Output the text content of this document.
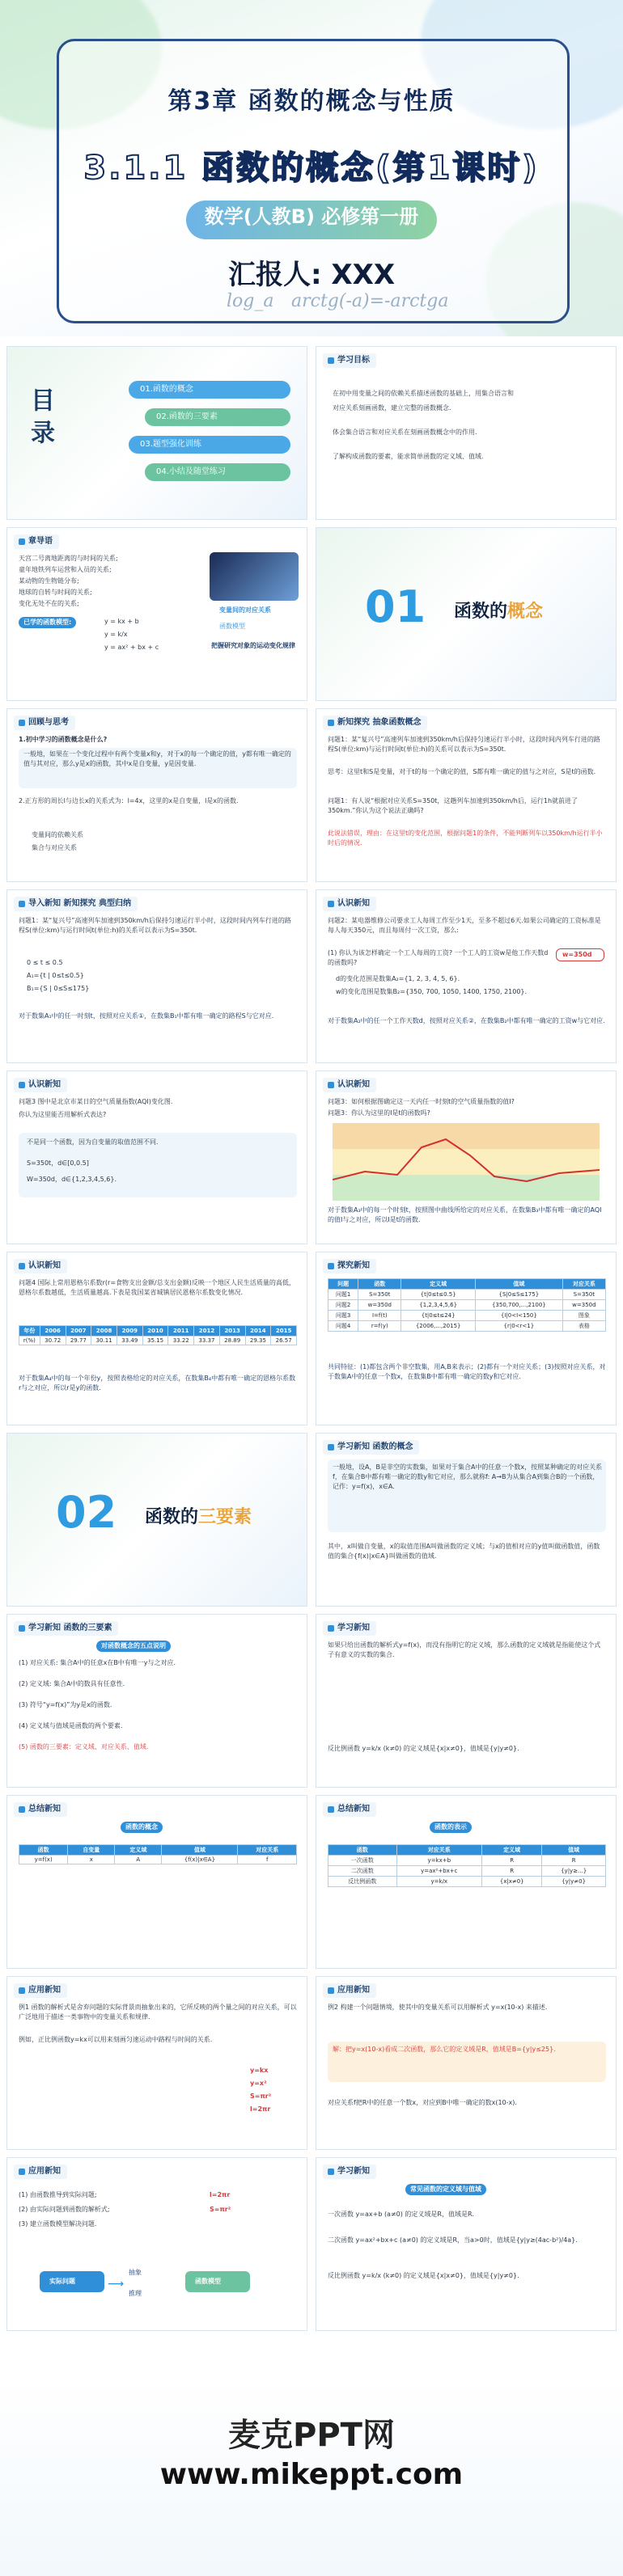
第3章 函数的概念与性质
3.1.1 函数的概念(第1课时)
数学(人教B) 必修第一册
汇报人: XXX
log_a arctg(-a)=-arctga
目录	01.函数的概念
02.函数的三要素
03.题型强化训练
04.小结及随堂练习
学习目标
在初中用变量之间的依赖关系描述函数的基础上，用集合语言和
对应关系刻画函数，建立完整的函数概念.
体会集合语言和对应关系在刻画函数概念中的作用.
了解构成函数的要素，能求简单函数的定义域、值域.
章导语
天宫二号离地距离的与时间的关系;
童年地铁列车运营和入员的关系;
某动物的生物链分布;
地球的自转与时间的关系;
变化无处不在的关系;
变量间的对应关系
函数模型
把握研究对象的运动变化规律
已学的函数模型:	y = kx + b
y = k/x
y = ax² + bx + c
01 函数的概念
回顾与思考
1.初中学习的函数概念是什么?
一般地，如果在一个变化过程中有两个变量x和y，对于x的每一个确定的值，y都有唯一确定的值与其对应，那么y是x的函数，其中x是自变量，y是因变量.
2.正方形的周长l与边长x的关系式为：l=4x，这里的x是自变量，l是x的函数.
变量间的依赖关系
集合与对应关系
新知探究 抽象函数概念
问题1：某“复兴号”高速列车加速到350km/h后保持匀速运行半小时，这段时间内列车行进的路程S(单位:km)与运行时间t(单位:h)的关系可以表示为S=350t.
思考：这里t和S是变量，对于t的每一个确定的值，S都有唯一确定的值与之对应，S是t的函数.
问题1：有人说“根据对应关系S=350t，这趟列车加速到350km/h后，运行1h就前进了350km.”你认为这个说法正确吗?
此说法错误，理由：在这里t的变化范围，根据问题1的条件，不能判断列车以350km/h运行半小时后的情况.
导入新知 新知探究 典型归纳
问题1：某“复兴号”高速列车加速到350km/h后保持匀速运行半小时，这段时间内列车行进的路程S(单位:km)与运行时间t(单位:h)的关系可以表示为S=350t.
0 ≤ t ≤ 0.5
A₁={t | 0≤t≤0.5}
B₁={S | 0≤S≤175}
对于数集A₁中的任一时刻t，按照对应关系①，在数集B₁中都有唯一确定的路程S与它对应.
认识新知
问题2：某电器维修公司要求工人每周工作至少1天，至多不超过6天.如果公司确定的工资标准是每人每天350元，而且每周付一次工资，那么:
(1) 你认为该怎样确定一个工人每周的工资? 一个工人的工资w是他工作天数d的函数吗?
w=350d
d的变化范围是数集A₂={1, 2, 3, 4, 5, 6}.
w的变化范围是数集B₂={350, 700, 1050, 1400, 1750, 2100}.
对于数集A₂中的任一个工作天数d，按照对应关系②，在数集B₂中都有唯一确定的工资w与它对应.
认识新知
问题3 图中是北京市某日的空气质量指数(AQI)变化图.
你认为这里能否用解析式表达?
不是同一个函数，因为自变量的取值范围不同.
S=350t，d∈[0,0.5]
W=350d，d∈{1,2,3,4,5,6}.
认识新知
问题3：如何根据图确定这一天内任一时刻t的空气质量指数的值I?
问题3：你认为这里的I是t的函数吗?
对于数集A₃中的每一个时刻t，按照图中曲线所给定的对应关系，在数集B₃中都有唯一确定的AQI的值I与之对应，所以I是t的函数.
认识新知
问题4 国际上常用恩格尔系数r(r=食物支出金额/总支出金额)反映一个地区人民生活质量的高低，恩格尔系数越低，生活质量越高.下表是我国某省城镇居民恩格尔系数变化情况.
年份	2006	2007	2008	2009	2010	2011	2012	2013	2014	2015
r(%)	30.72	29.77	30.11	33.49	35.15	33.22	33.37	28.89	29.35	26.57
对于数集A₄中的每一个年份y，按照表格给定的对应关系，在数集B₄中都有唯一确定的恩格尔系数r与之对应，所以r是y的函数.
探究新知
问题	函数	定义域	值域	对应关系
问题1	S=350t	{t|0≤t≤0.5}	{S|0≤S≤175}	S=350t
问题2	w=350d	{1,2,3,4,5,6}	{350,700,...,2100}	w=350d
问题3	I=f(t)	{t|0≤t≤24}	{I|0<I<150}	图象
问题4	r=f(y)	{2006,...,2015}	{r|0<r<1}	表格
共同特征：(1)都包含两个非空数集，用A,B来表示；(2)都有一个对应关系；(3)按照对应关系，对于数集A中的任意一个数x，在数集B中都有唯一确定的数y和它对应.
02 函数的三要素
学习新知 函数的概念
一般地，设A，B是非空的实数集，如果对于集合A中的任意一个数x，按照某种确定的对应关系f，在集合B中都有唯一确定的数y和它对应，那么就称f: A→B为从集合A到集合B的一个函数，记作：y=f(x)，x∈A.
其中，x叫做自变量，x的取值范围A叫做函数的定义域；与x的值相对应的y值叫做函数值，函数值的集合{f(x)|x∈A}叫做函数的值域.
学习新知 函数的三要素
对函数概念的五点说明
(1) 对应关系: 集合A中的任意x在B中有唯一y与之对应.
(2) 定义域: 集合A中的数具有任意性.
(3) 符号“y=f(x)”为y是x的函数.
(4) 定义域与值域是函数的两个要素.
(5) 函数的三要素：定义域、对应关系、值域.
学习新知
如果只给出函数的解析式y=f(x)，而没有指明它的定义域，那么函数的定义域就是指能使这个式子有意义的实数的集合.
反比例函数 y=k/x (k≠0) 的定义域是{x|x≠0}，值域是{y|y≠0}.
总结新知
函数的概念
函数	自变量	定义域	值域	对应关系
y=f(x)	x	A	{f(x)|x∈A}	f
总结新知
函数的表示
函数	对应关系	定义域	值域
一次函数	y=kx+b	R	R
二次函数	y=ax²+bx+c	R	{y|y≥...}
反比例函数	y=k/x	{x|x≠0}	{y|y≠0}
应用新知
例1 函数的解析式是舍弃问题的实际背景而抽象出来的，它所反映的两个量之间的对应关系，可以广泛地用于描述一类事物中的变量关系和规律.
例如，正比例函数y=kx可以用来刻画匀速运动中路程与时间的关系.
y=kx
y=x²
S=πr²
l=2πr
应用新知
例2 构建一个问题情境，使其中的变量关系可以用解析式 y=x(10-x) 来描述.
解：把y=x(10-x)看成二次函数，那么它的定义域是R，值域是B={y|y≤25}.
对应关系f把R中的任意一个数x，对应到B中唯一确定的数x(10-x).
应用新知
(1) 由函数推导到实际问题;
(2) 由实际问题到函数的解析式;
(3) 建立函数模型解决问题.
l=2πr
S=πr²
实际问题	函数模型
抽象
推理
⟶
学习新知
常见函数的定义域与值域
一次函数 y=ax+b (a≠0) 的定义域是R，值域是R.
二次函数 y=ax²+bx+c (a≠0) 的定义域是R，当a>0时，值域是{y|y≥(4ac-b²)/4a}.
反比例函数 y=k/x (k≠0) 的定义域是{x|x≠0}，值域是{y|y≠0}.
麦克PPT网
www.mikeppt.com
